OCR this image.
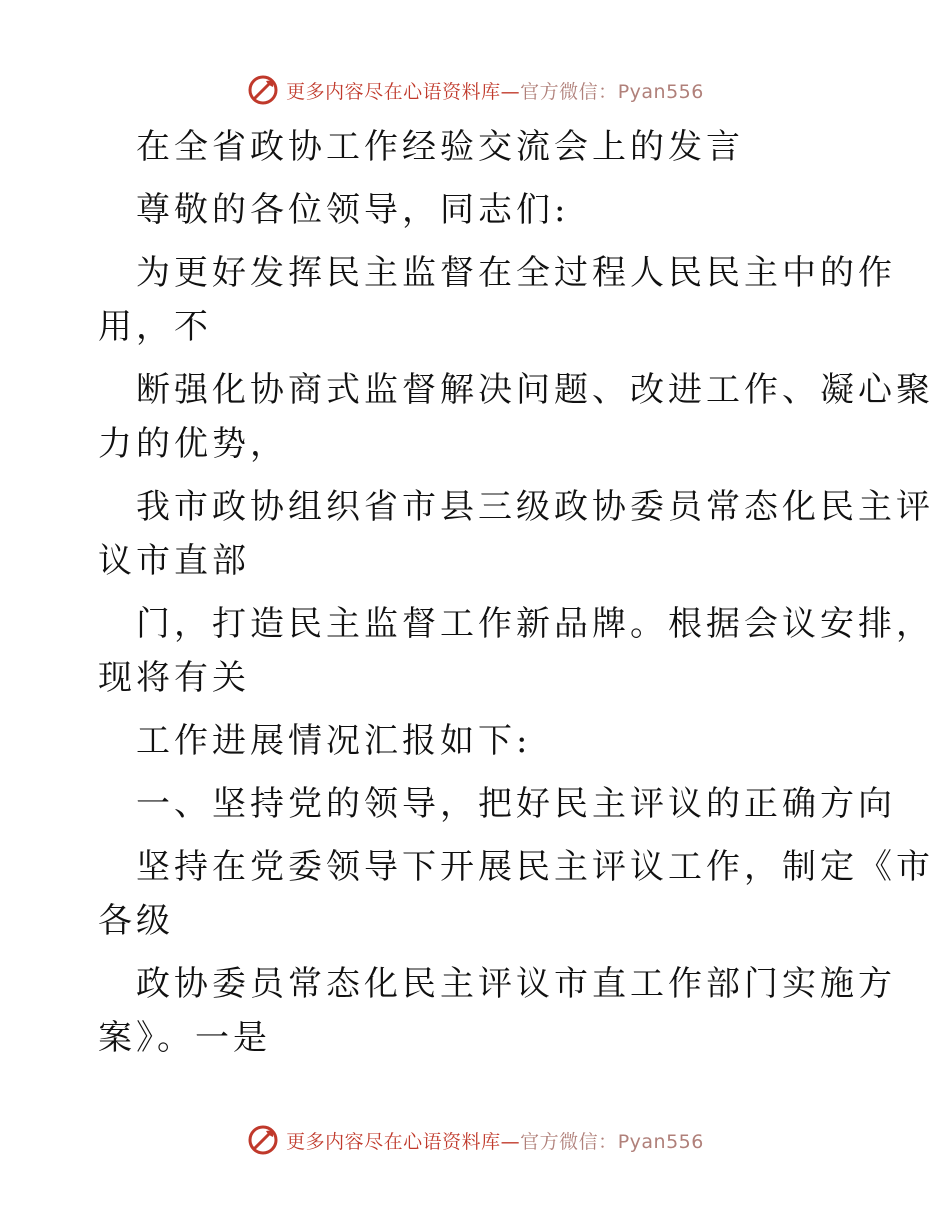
更多内容尽在心语资料库—官方微信：Pyan556

在全省政协工作经验交流会上的发言

尊敬的各位领导，同志们:

为更好发挥民主监督在全过程人民民主中的作

用，不

断强化协商式监督解决问题、改进工作、凝心聚

力的优势，

我市政协组织省市县三级政协委员常态化民主评

议市直部

门，打造民主监督工作新品牌。根据会议安排，

现将有关

工作进展情况汇报如下:

一、坚持党的领导，把好民主评议的正确方向

坚持在党委领导下开展民主评议工作，制定《市

各级

政协委员常态化民主评议市直工作部门实施方

案》。一是

更多内容尽在心语资料库—官方微信：Pyan556
